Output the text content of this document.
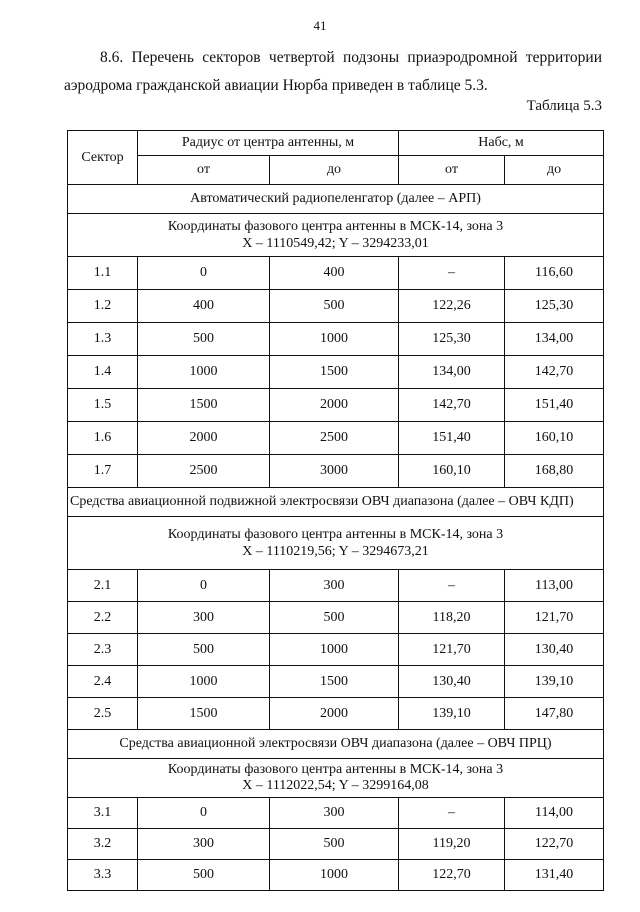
41
8.6. Перечень секторов четвертой подзоны приаэродромной территории аэродрома гражданской авиации Нюрба приведен в таблице 5.3.
Таблица 5.3
Сектор	Радиус от центра антенны, м		Набс, м	
	от	до	от	до
Автоматический радиопеленгатор (далее – АРП)				

Координаты фазового центра антенны в МСК-14, зона 3
X – 1110549,42; Y – 3294233,01				

1.1	0	400	–	116,60
1.2	400	500	122,26	125,30
1.3	500	1000	125,30	134,00
1.4	1000	1500	134,00	142,70
1.5	1500	2000	142,70	151,40
1.6	2000	2500	151,40	160,10
1.7	2500	3000	160,10	168,80
Средства авиационной подвижной электросвязи ОВЧ диапазона (далее – ОВЧ КДП)				

Координаты фазового центра антенны в МСК-14, зона 3
X – 1110219,56; Y – 3294673,21				

2.1	0	300	–	113,00
2.2	300	500	118,20	121,70
2.3	500	1000	121,70	130,40
2.4	1000	1500	130,40	139,10
2.5	1500	2000	139,10	147,80
Средства авиационной электросвязи ОВЧ диапазона (далее – ОВЧ ПРЦ)				

Координаты фазового центра антенны в МСК-14, зона 3
X – 1112022,54; Y – 3299164,08				

3.1	0	300	–	114,00
3.2	300	500	119,20	122,70
3.3	500	1000	122,70	131,40
